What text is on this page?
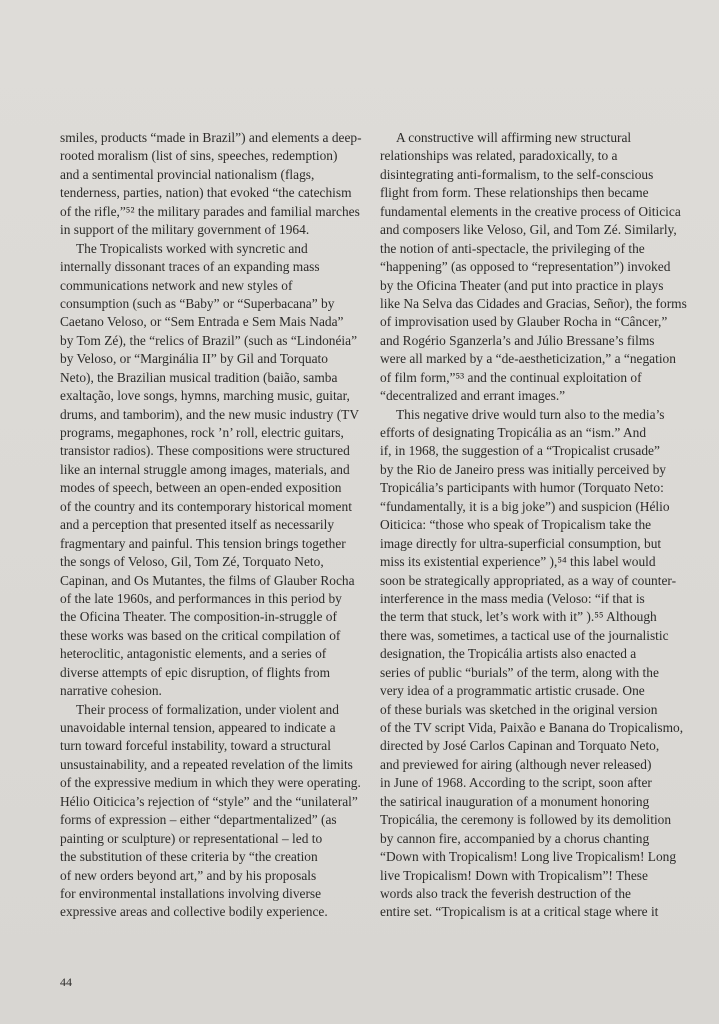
smiles, products “made in Brazil”) and elements a deep-
rooted moralism (list of sins, speeches, redemption)
and a sentimental provincial nationalism (flags,
tenderness, parties, nation) that evoked “the catechism
of the rifle,”⁵² the military parades and familial marches
in support of the military government of 1964.
The Tropicalists worked with syncretic and
internally dissonant traces of an expanding mass
communications network and new styles of
consumption (such as “Baby” or “Superbacana” by
Caetano Veloso, or “Sem Entrada e Sem Mais Nada”
by Tom Zé), the “relics of Brazil” (such as “Lindonéia”
by Veloso, or “Marginália II” by Gil and Torquato
Neto), the Brazilian musical tradition (baião, samba
exaltação, love songs, hymns, marching music, guitar,
drums, and tamborim), and the new music industry (TV
programs, megaphones, rock ’n’ roll, electric guitars,
transistor radios). These compositions were structured
like an internal struggle among images, materials, and
modes of speech, between an open-ended exposition
of the country and its contemporary historical moment
and a perception that presented itself as necessarily
fragmentary and painful. This tension brings together
the songs of Veloso, Gil, Tom Zé, Torquato Neto,
Capinan, and Os Mutantes, the films of Glauber Rocha
of the late 1960s, and performances in this period by
the Oficina Theater. The composition-in-struggle of
these works was based on the critical compilation of
heteroclitic, antagonistic elements, and a series of
diverse attempts of epic disruption, of flights from
narrative cohesion.
Their process of formalization, under violent and
unavoidable internal tension, appeared to indicate a
turn toward forceful instability, toward a structural
unsustainability, and a repeated revelation of the limits
of the expressive medium in which they were operating.
Hélio Oiticica’s rejection of “style” and the “unilateral”
forms of expression – either “departmentalized” (as
painting or sculpture) or representational – led to
the substitution of these criteria by “the creation
of new orders beyond art,” and by his proposals
for environmental installations involving diverse
expressive areas and collective bodily experience.
A constructive will affirming new structural
relationships was related, paradoxically, to a
disintegrating anti-formalism, to the self-conscious
flight from form. These relationships then became
fundamental elements in the creative process of Oiticica
and composers like Veloso, Gil, and Tom Zé. Similarly,
the notion of anti-spectacle, the privileging of the
“happening” (as opposed to “representation”) invoked
by the Oficina Theater (and put into practice in plays
like Na Selva das Cidades and Gracias, Señor), the forms
of improvisation used by Glauber Rocha in “Câncer,”
and Rogério Sganzerla’s and Júlio Bressane’s films
were all marked by a “de-aestheticization,” a “negation
of film form,”⁵³ and the continual exploitation of
“decentralized and errant images.”
This negative drive would turn also to the media’s
efforts of designating Tropicália as an “ism.” And
if, in 1968, the suggestion of a “Tropicalist crusade”
by the Rio de Janeiro press was initially perceived by
Tropicália’s participants with humor (Torquato Neto:
“fundamentally, it is a big joke”) and suspicion (Hélio
Oiticica: “those who speak of Tropicalism take the
image directly for ultra-superficial consumption, but
miss its existential experience” ),⁵⁴ this label would
soon be strategically appropriated, as a way of counter-
interference in the mass media (Veloso: “if that is
the term that stuck, let’s work with it” ).⁵⁵ Although
there was, sometimes, a tactical use of the journalistic
designation, the Tropicália artists also enacted a
series of public “burials” of the term, along with the
very idea of a programmatic artistic crusade. One
of these burials was sketched in the original version
of the TV script Vida, Paixão e Banana do Tropicalismo,
directed by José Carlos Capinan and Torquato Neto,
and previewed for airing (although never released)
in June of 1968. According to the script, soon after
the satirical inauguration of a monument honoring
Tropicália, the ceremony is followed by its demolition
by cannon fire, accompanied by a chorus chanting
“Down with Tropicalism! Long live Tropicalism! Long
live Tropicalism! Down with Tropicalism”! These
words also track the feverish destruction of the
entire set. “Tropicalism is at a critical stage where it
44
